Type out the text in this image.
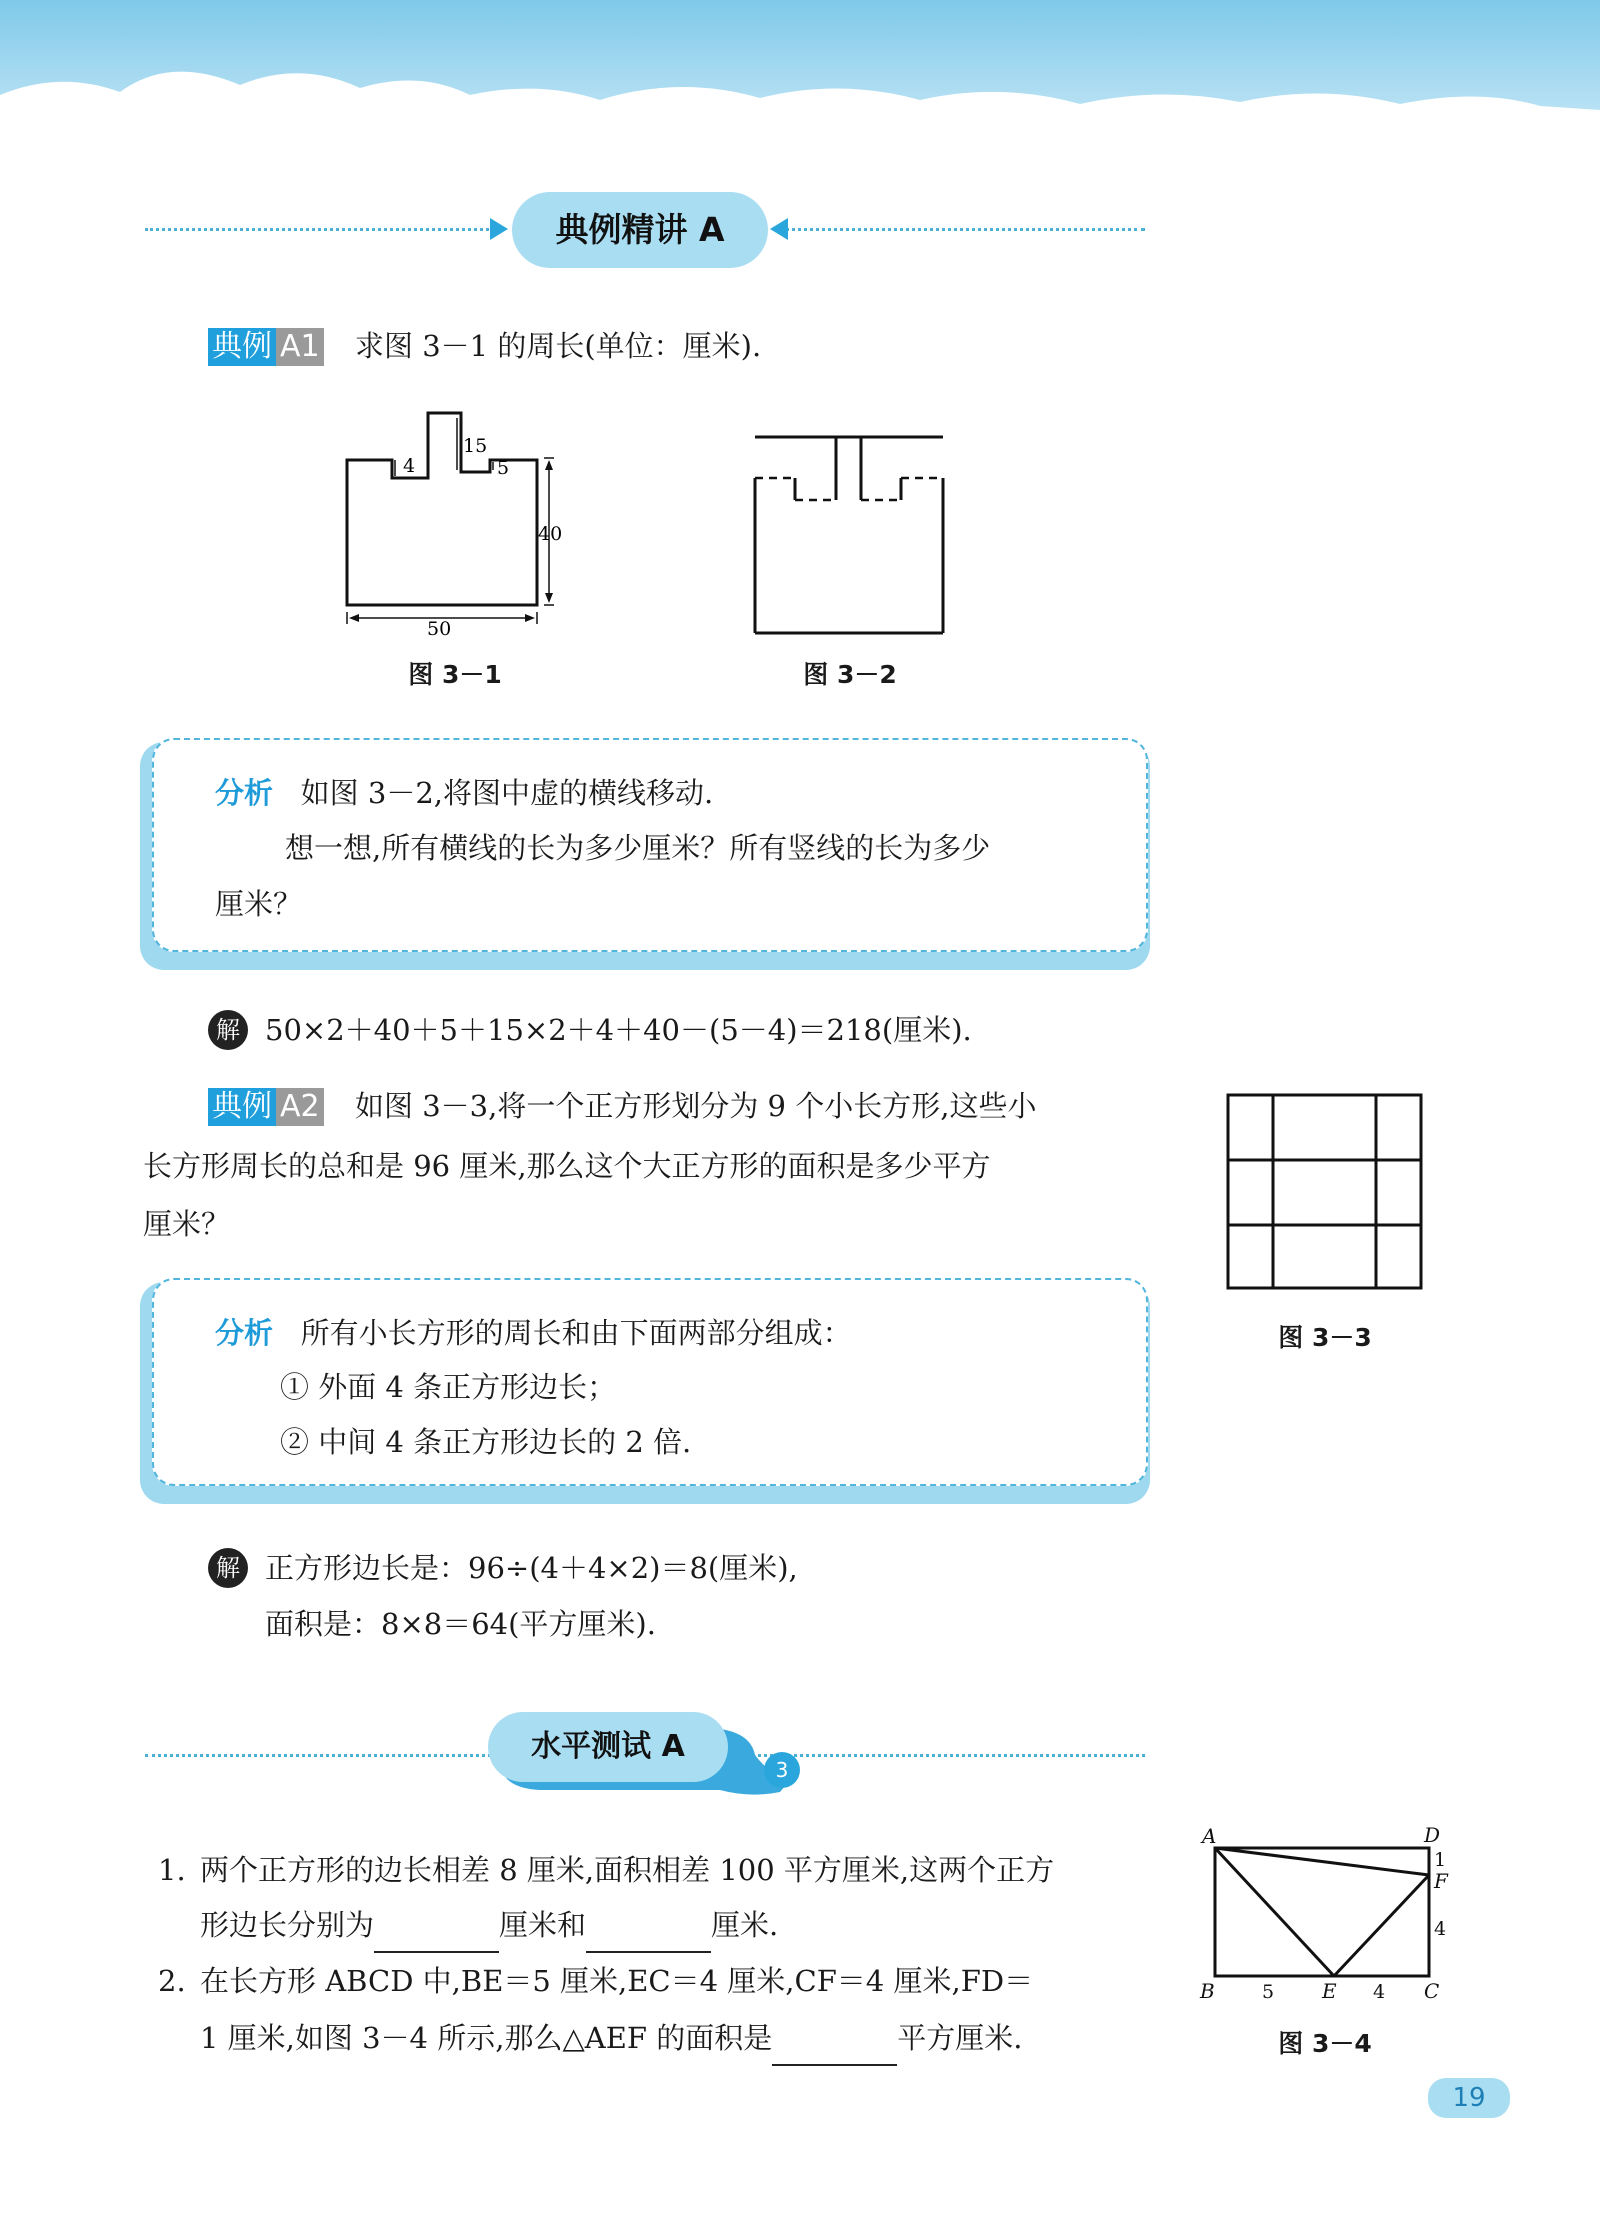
典例精讲 A
典例 A1 求图 3－1 的周长(单位：厘米).
15
4	5
40
50
图 3－1	图 3－2
分析 如图 3－2,将图中虚的横线移动.
想一想,所有横线的长为多少厘米？所有竖线的长为多少
厘米？
解 50×2＋40＋5＋15×2＋4＋40－(5－4)＝218(厘米).
典例 A2 如图 3－3,将一个正方形划分为 9 个小长方形,这些小
长方形周长的总和是 96 厘米,那么这个大正方形的面积是多少平方
厘米？
图 3－3
分析 所有小长方形的周长和由下面两部分组成：
① 外面 4 条正方形边长；
② 中间 4 条正方形边长的 2 倍.
解 正方形边长是：96÷(4＋4×2)＝8(厘米),
面积是：8×8＝64(平方厘米).
水平测试 A
3
1. 两个正方形的边长相差 8 厘米,面积相差 100 平方厘米,这两个正方
形边长分别为	厘米和	厘米.
2. 在长方形 ABCD 中,BE＝5 厘米,EC＝4 厘米,CF＝4 厘米,FD＝
1 厘米,如图 3－4 所示,那么△AEF 的面积是	平方厘米.
A	D
F
B	E	C
5	4
4
1
图 3－4
19
